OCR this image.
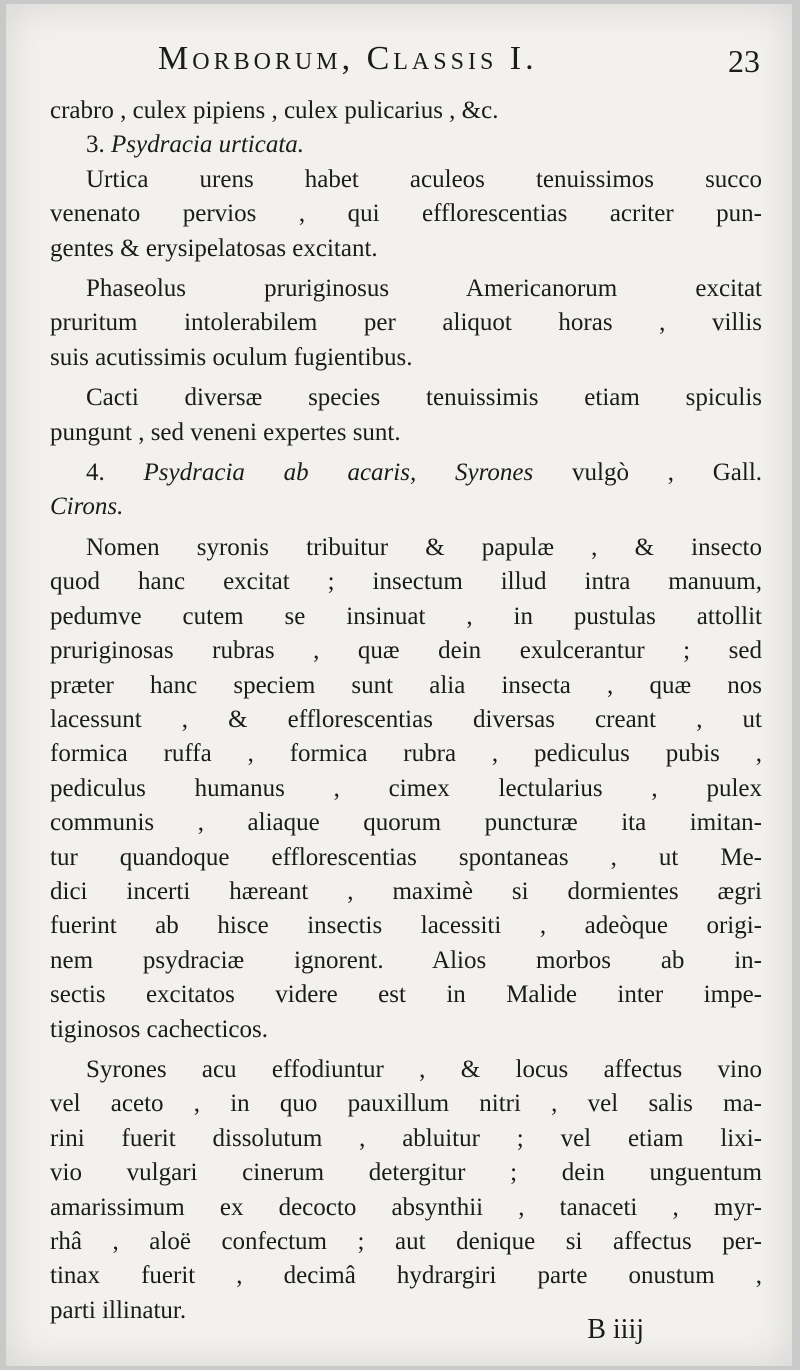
Morborum, Classis I.	23
crabro , culex pipiens , culex pulicarius , &c.
3. Psydracia urticata.
Urtica urens habet aculeos tenuissimos succo
venenato pervios , qui efflorescentias acriter pun-
gentes & erysipelatosas excitant.
Phaseolus pruriginosus Americanorum excitat
pruritum intolerabilem per aliquot horas , villis
suis acutissimis oculum fugientibus.
Cacti diversæ species tenuissimis etiam spiculis
pungunt , sed veneni expertes sunt.
4. Psydracia ab acaris, Syrones vulgò , Gall.
Cirons.
Nomen syronis tribuitur & papulæ , & insecto
quod hanc excitat ; insectum illud intra manuum,
pedumve cutem se insinuat , in pustulas attollit
pruriginosas rubras , quæ dein exulcerantur ; sed
præter hanc speciem sunt alia insecta , quæ nos
lacessunt , & efflorescentias diversas creant , ut
formica ruffa , formica rubra , pediculus pubis ,
pediculus humanus , cimex lectularius , pulex
communis , aliaque quorum puncturæ ita imitan-
tur quandoque efflorescentias spontaneas , ut Me-
dici incerti hæreant , maximè si dormientes ægri
fuerint ab hisce insectis lacessiti , adeòque origi-
nem psydraciæ ignorent. Alios morbos ab in-
sectis excitatos videre est in Malide inter impe-
tiginosos cachecticos.
Syrones acu effodiuntur , & locus affectus vino
vel aceto , in quo pauxillum nitri , vel salis ma-
rini fuerit dissolutum , abluitur ; vel etiam lixi-
vio vulgari cinerum detergitur ; dein unguentum
amarissimum ex decocto absynthii , tanaceti , myr-
rhâ , aloë confectum ; aut denique si affectus per-
tinax fuerit , decimâ hydrargiri parte onustum ,
parti illinatur.
B iiij
